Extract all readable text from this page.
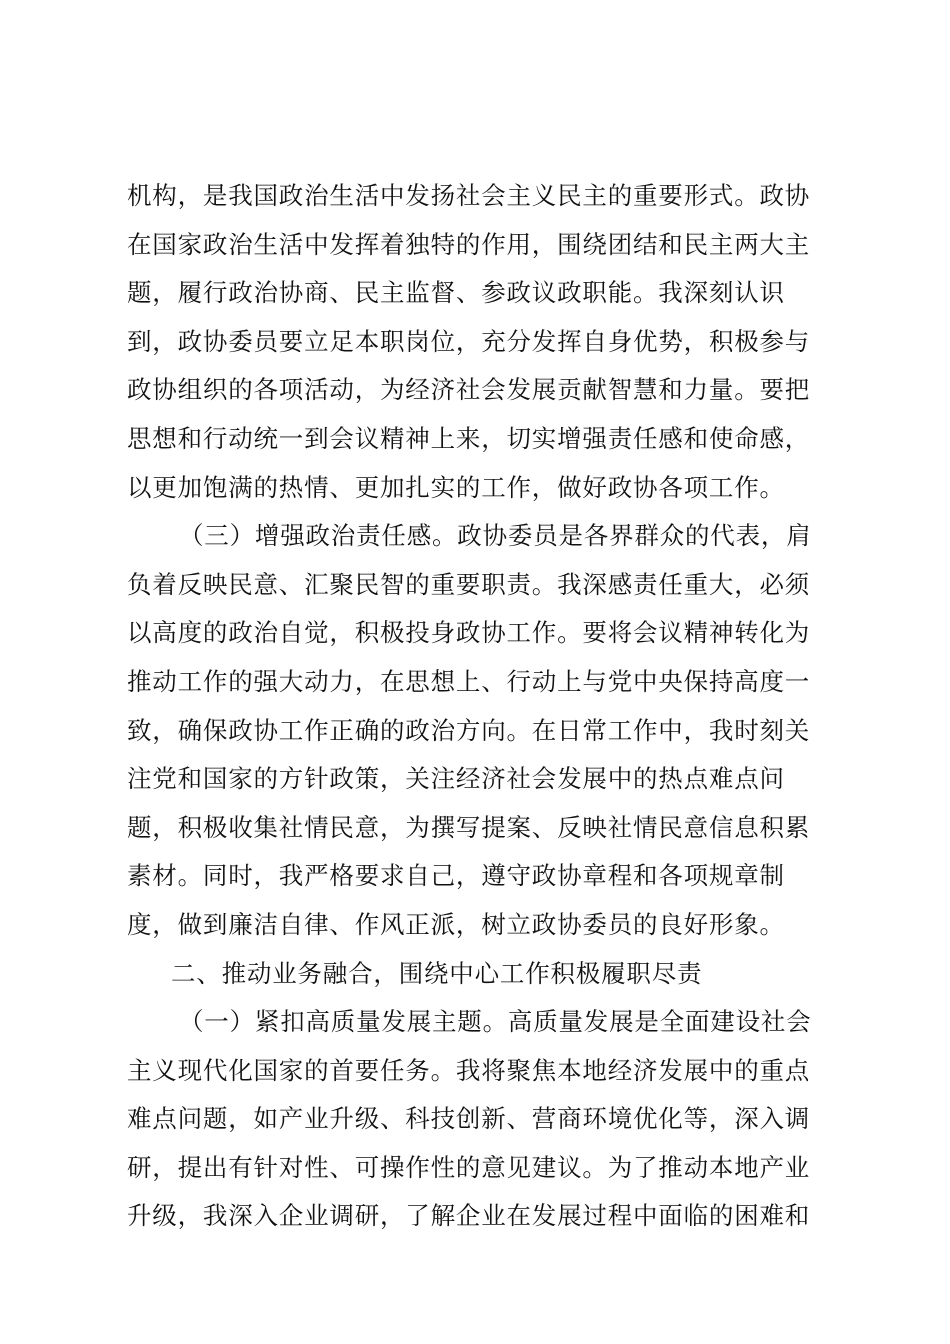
机构，是我国政治生活中发扬社会主义民主的重要形式。政协

在国家政治生活中发挥着独特的作用，围绕团结和民主两大主

题，履行政治协商、民主监督、参政议政职能。我深刻认识

到，政协委员要立足本职岗位，充分发挥自身优势，积极参与

政协组织的各项活动，为经济社会发展贡献智慧和力量。要把

思想和行动统一到会议精神上来，切实增强责任感和使命感，

以更加饱满的热情、更加扎实的工作，做好政协各项工作。

（三）增强政治责任感。政协委员是各界群众的代表，肩

负着反映民意、汇聚民智的重要职责。我深感责任重大，必须

以高度的政治自觉，积极投身政协工作。要将会议精神转化为

推动工作的强大动力，在思想上、行动上与党中央保持高度一

致，确保政协工作正确的政治方向。在日常工作中，我时刻关

注党和国家的方针政策，关注经济社会发展中的热点难点问

题，积极收集社情民意，为撰写提案、反映社情民意信息积累

素材。同时，我严格要求自己，遵守政协章程和各项规章制

度，做到廉洁自律、作风正派，树立政协委员的良好形象。

二、推动业务融合，围绕中心工作积极履职尽责

（一）紧扣高质量发展主题。高质量发展是全面建设社会

主义现代化国家的首要任务。我将聚焦本地经济发展中的重点

难点问题，如产业升级、科技创新、营商环境优化等，深入调

研，提出有针对性、可操作性的意见建议。为了推动本地产业

升级，我深入企业调研，了解企业在发展过程中面临的困难和
